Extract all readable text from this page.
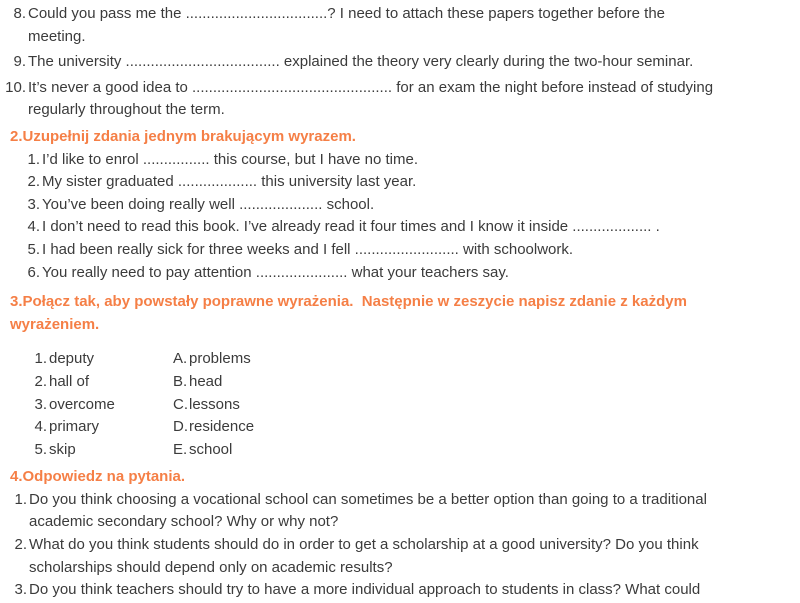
8. Could you pass me the ..................................? I need to attach these papers together before the
meeting.
9. The university ..................................... explained the theory very clearly during the two-hour seminar.
10. It’s never a good idea to ................................................ for an exam the night before instead of studying
regularly throughout the term.
2.Uzupełnij zdania jednym brakującym wyrazem.
1. I’d like to enrol ................ this course, but I have no time.
2. My sister graduated ................... this university last year.
3. You’ve been doing really well .................... school.
4. I don’t need to read this book. I’ve already read it four times and I know it inside ................... .
5. I had been really sick for three weeks and I fell ......................... with schoolwork.
6. You really need to pay attention ...................... what your teachers say.
3.Połącz tak, aby powstały poprawne wyrażenia.  Następnie w zeszycie napisz zdanie z każdym
wyrażeniem.
1. deputy	A. problems
2. hall of	B. head
3. overcome	C. lessons
4. primary	D. residence
5. skip	E. school
4.Odpowiedz na pytania.
1. Do you think choosing a vocational school can sometimes be a better option than going to a traditional
academic secondary school? Why or why not?
2. What do you think students should do in order to get a scholarship at a good university? Do you think
scholarships should depend only on academic results?
3. Do you think teachers should try to have a more individual approach to students in class? What could
